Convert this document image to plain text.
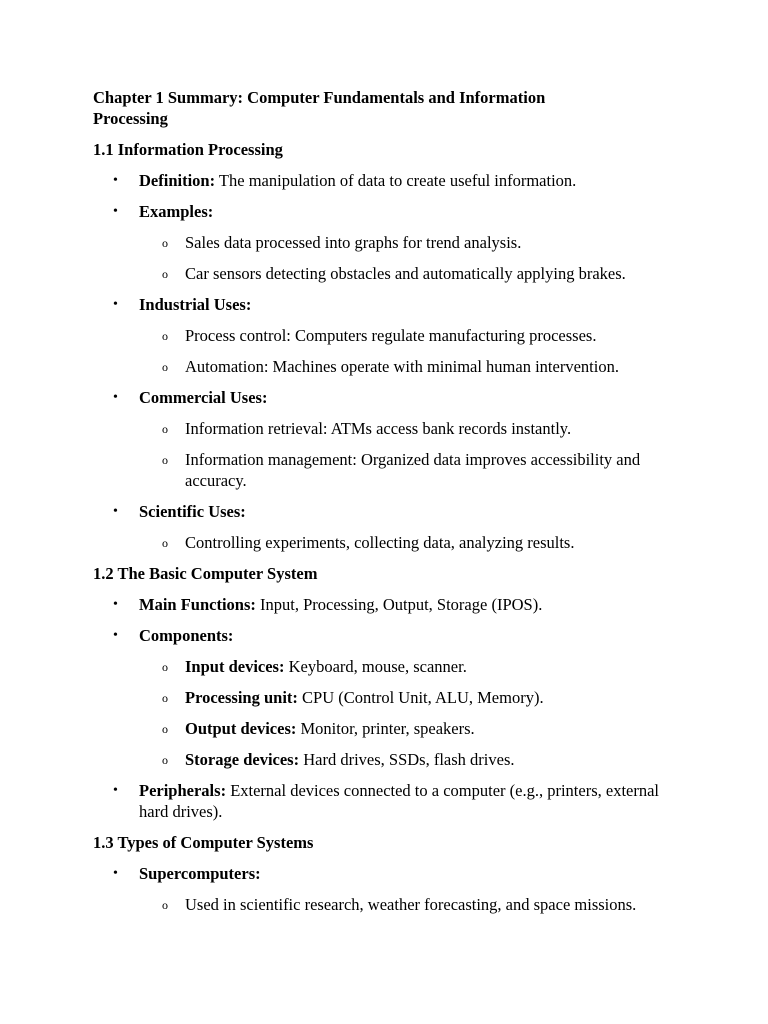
Chapter 1 Summary: Computer Fundamentals and Information Processing
1.1 Information Processing
• Definition: The manipulation of data to create useful information.
• Examples:
o Sales data processed into graphs for trend analysis.
o Car sensors detecting obstacles and automatically applying brakes.
• Industrial Uses:
o Process control: Computers regulate manufacturing processes.
o Automation: Machines operate with minimal human intervention.
• Commercial Uses:
o Information retrieval: ATMs access bank records instantly.
o Information management: Organized data improves accessibility and accuracy.
• Scientific Uses:
o Controlling experiments, collecting data, analyzing results.
1.2 The Basic Computer System
• Main Functions: Input, Processing, Output, Storage (IPOS).
• Components:
o Input devices: Keyboard, mouse, scanner.
o Processing unit: CPU (Control Unit, ALU, Memory).
o Output devices: Monitor, printer, speakers.
o Storage devices: Hard drives, SSDs, flash drives.
• Peripherals: External devices connected to a computer (e.g., printers, external hard drives).
1.3 Types of Computer Systems
• Supercomputers:
o Used in scientific research, weather forecasting, and space missions.
